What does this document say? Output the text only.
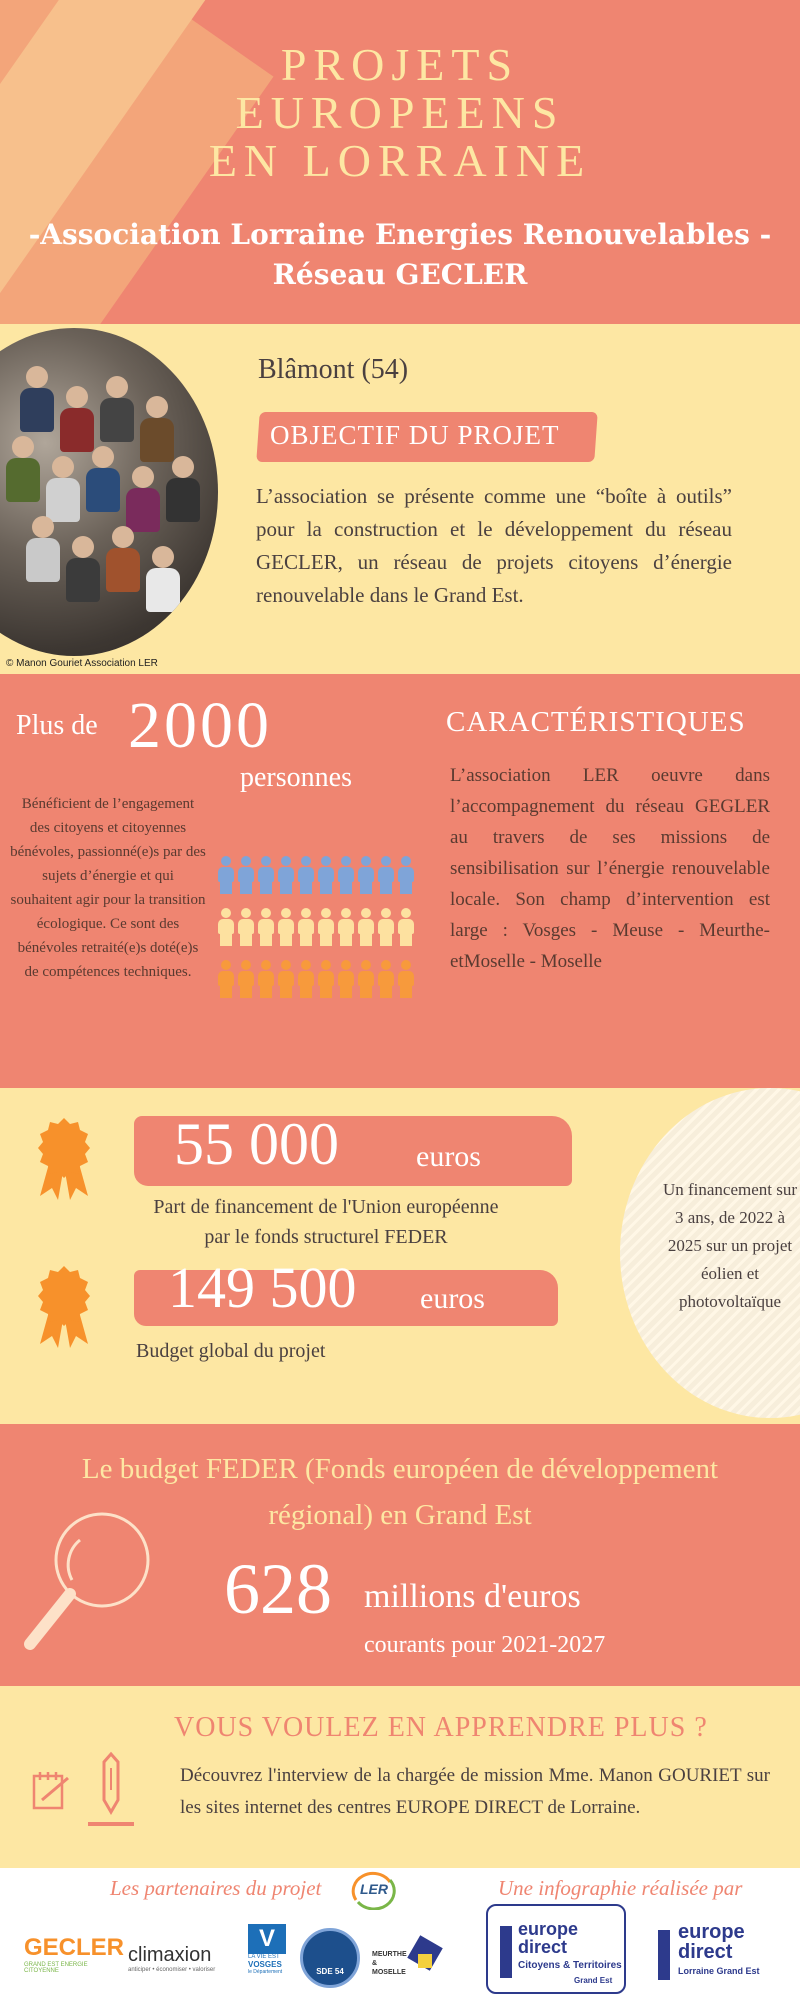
PROJETS
EUROPEENS
EN LORRAINE
-Association Lorraine Energies Renouvelables -
Réseau GECLER
© Manon Gouriet Association LER
Blâmont (54)
OBJECTIF DU PROJET
L’association se présente comme une “boîte à outils” pour la construction et le développement du réseau GECLER, un réseau de projets citoyens d’énergie renouvelable dans le Grand Est.
Plus de 2000
personnes
Bénéficient de l’engagement des citoyens et citoyennes bénévoles, passionné(e)s par des sujets d’énergie et qui souhaitent agir pour la transition écologique. Ce sont des bénévoles retraité(e)s doté(e)s de compétences techniques.
CARACTÉRISTIQUES
L’association LER oeuvre dans l’accompagnement du réseau GEGLER au travers de ses missions de sensibilisation sur l’énergie renouvelable locale. Son champ d’intervention est large : Vosges - Meuse - Meurthe-etMoselle - Moselle
Un financement sur 3 ans, de 2022 à 2025 sur un projet éolien et photovoltaïque
55 000	euros
Part de financement de l'Union européenne
par le fonds structurel FEDER
149 500 euros
Budget global du projet
Le budget FEDER (Fonds européen de développement régional) en Grand Est
628 millions d'euros
courants pour 2021-2027
VOUS VOULEZ EN APPRENDRE PLUS ?
Découvrez l'interview de la chargée de mission Mme. Manon GOURIET sur les sites internet des centres EUROPE DIRECT de Lorraine.
Les partenaires du projet	LER	Une infographie réalisée par
GECLER
GRAND EST ENERGIE CITOYENNE
climaxion
anticiper • économiser • valoriser
V
LA VIE EST
VOSGES
le Département	SDE 54
MEURTHE & MOSELLE
europe
direct
Citoyens & Territoires
Grand Est
europe
direct
Lorraine Grand Est
